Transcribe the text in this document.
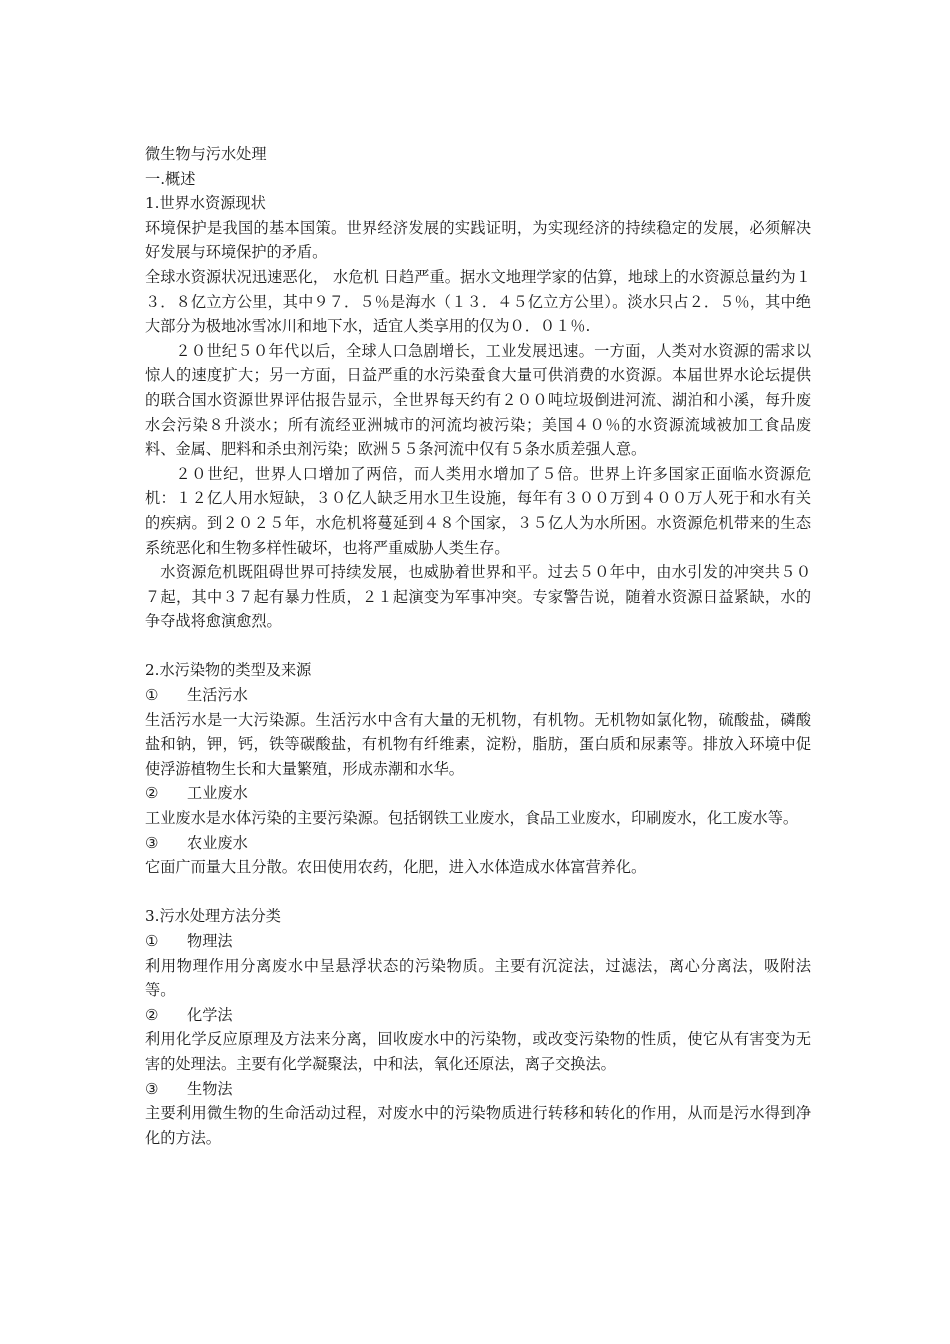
微生物与污水处理

一.概述

1.世界水资源现状

环境保护是我国的基本国策。世界经济发展的实践证明，为实现经济的持续稳定的发展，必须解决好发展与环境保护的矛盾。

全球水资源状况迅速恶化， 水危机 日趋严重。据水文地理学家的估算，地球上的水资源总量约为１３．８亿立方公里，其中９７．５％是海水（１３．４５亿立方公里）。淡水只占２．５％，其中绝大部分为极地冰雪冰川和地下水，适宜人类享用的仅为０．０１％.

２０世纪５０年代以后，全球人口急剧增长，工业发展迅速。一方面，人类对水资源的需求以惊人的速度扩大；另一方面，日益严重的水污染蚕食大量可供消费的水资源。本届世界水论坛提供的联合国水资源世界评估报告显示，全世界每天约有２００吨垃圾倒进河流、湖泊和小溪，每升废水会污染８升淡水；所有流经亚洲城市的河流均被污染；美国４０％的水资源流域被加工食品废料、金属、肥料和杀虫剂污染；欧洲５５条河流中仅有５条水质差强人意。

２０世纪，世界人口增加了两倍，而人类用水增加了５倍。世界上许多国家正面临水资源危机：１２亿人用水短缺，３０亿人缺乏用水卫生设施，每年有３００万到４００万人死于和水有关的疾病。到２０２５年，水危机将蔓延到４８个国家，３５亿人为水所困。水资源危机带来的生态系统恶化和生物多样性破坏，也将严重威胁人类生存。

水资源危机既阻碍世界可持续发展，也威胁着世界和平。过去５０年中，由水引发的冲突共５０７起，其中３７起有暴力性质，２１起演变为军事冲突。专家警告说，随着水资源日益紧缺，水的争夺战将愈演愈烈。

2.水污染物的类型及来源

①	生活污水

生活污水是一大污染源。生活污水中含有大量的无机物，有机物。无机物如氯化物，硫酸盐，磷酸盐和钠，钾，钙，铁等碳酸盐，有机物有纤维素，淀粉，脂肪，蛋白质和尿素等。排放入环境中促使浮游植物生长和大量繁殖，形成赤潮和水华。

②	工业废水

工业废水是水体污染的主要污染源。包括钢铁工业废水，食品工业废水，印刷废水，化工废水等。

③	农业废水

它面广而量大且分散。农田使用农药，化肥，进入水体造成水体富营养化。

3.污水处理方法分类

①	物理法

利用物理作用分离废水中呈悬浮状态的污染物质。主要有沉淀法，过滤法，离心分离法，吸附法等。

②	化学法

利用化学反应原理及方法来分离，回收废水中的污染物，或改变污染物的性质，使它从有害变为无害的处理法。主要有化学凝聚法，中和法，氧化还原法，离子交换法。

③	生物法

主要利用微生物的生命活动过程，对废水中的污染物质进行转移和转化的作用，从而是污水得到净化的方法。
